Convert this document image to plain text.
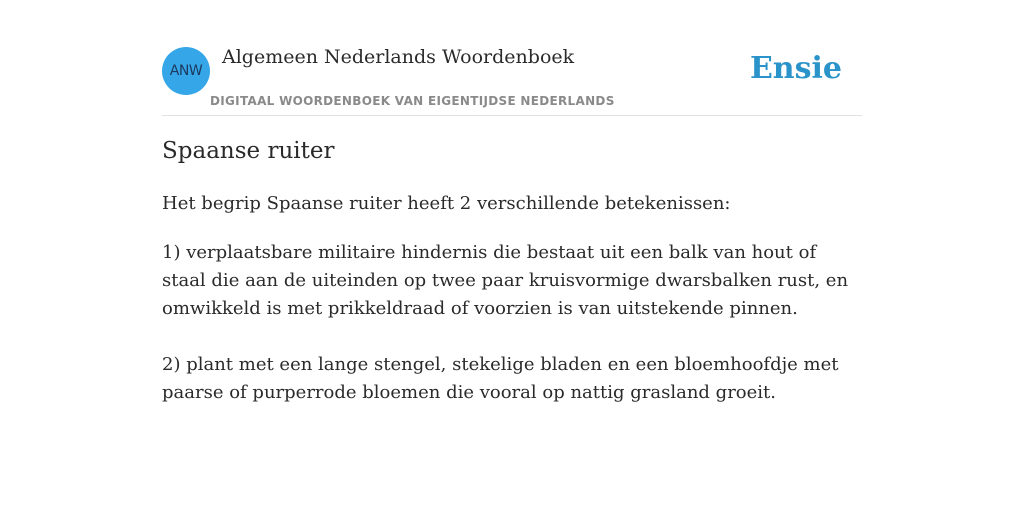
ANW
Algemeen Nederlands Woordenboek
DIGITAAL WOORDENBOEK VAN EIGENTIJDSE NEDERLANDS
Ensie
Spaanse ruiter

Het begrip Spaanse ruiter heeft 2 verschillende betekenissen:

1) verplaatsbare militaire hindernis die bestaat uit een balk van hout of staal die aan de uiteinden op twee paar kruisvormige dwarsbalken rust, en omwikkeld is met prikkeldraad of voorzien is van uitstekende pinnen.
2) plant met een lange stengel, stekelige bladen en een bloemhoofdje met paarse of purperrode bloemen die vooral op nattig grasland groeit.
